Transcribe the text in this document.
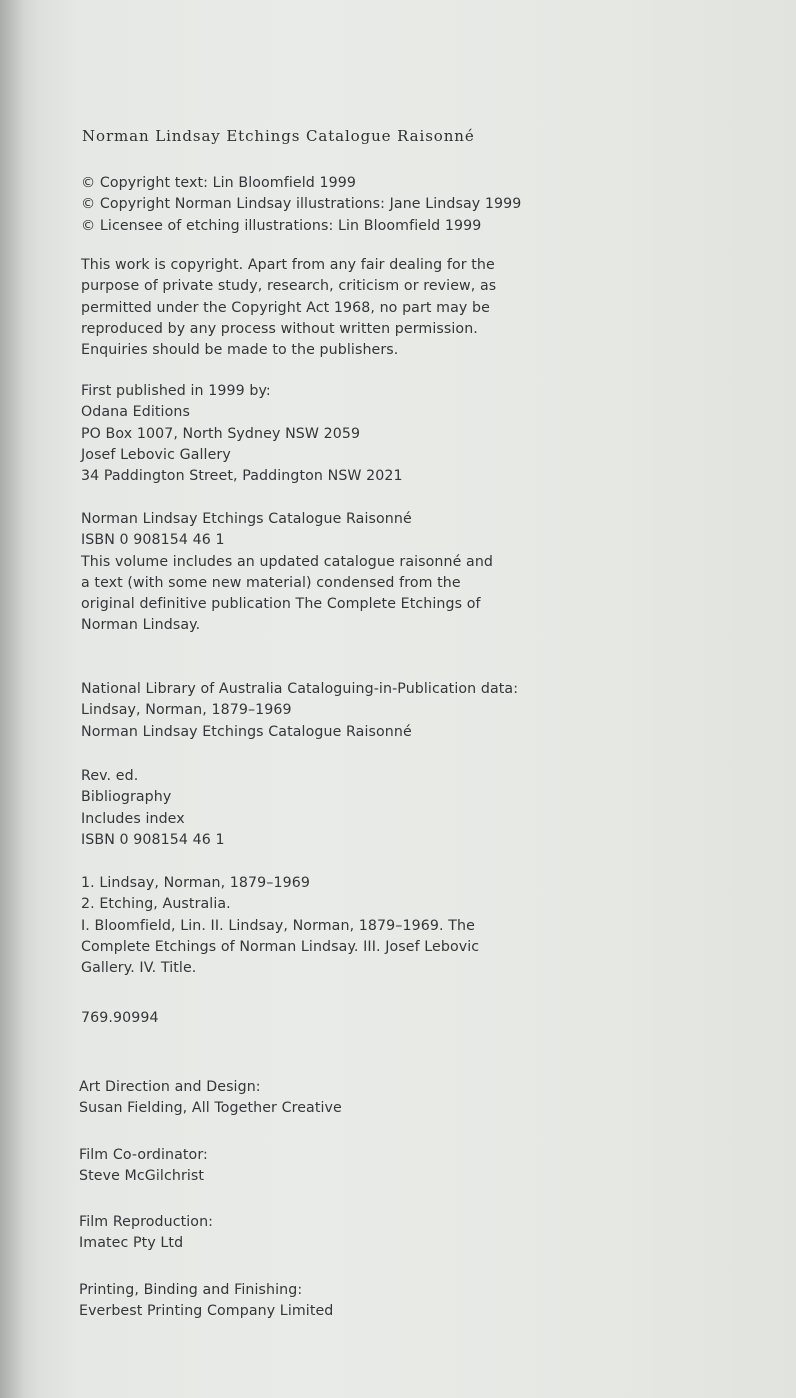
Norman Lindsay Etchings Catalogue Raisonné
© Copyright text: Lin Bloomfield 1999
© Copyright Norman Lindsay illustrations: Jane Lindsay 1999
© Licensee of etching illustrations: Lin Bloomfield 1999
This work is copyright. Apart from any fair dealing for the
purpose of private study, research, criticism or review, as
permitted under the Copyright Act 1968, no part may be
reproduced by any process without written permission.
Enquiries should be made to the publishers.
First published in 1999 by:
Odana Editions
PO Box 1007, North Sydney NSW 2059
Josef Lebovic Gallery
34 Paddington Street, Paddington NSW 2021
Norman Lindsay Etchings Catalogue Raisonné
ISBN 0 908154 46 1
This volume includes an updated catalogue raisonné and
a text (with some new material) condensed from the
original definitive publication The Complete Etchings of
Norman Lindsay.
National Library of Australia Cataloguing-in-Publication data:
Lindsay, Norman, 1879–1969
Norman Lindsay Etchings Catalogue Raisonné
Rev. ed.
Bibliography
Includes index
ISBN 0 908154 46 1
1. Lindsay, Norman, 1879–1969
2. Etching, Australia.
I. Bloomfield, Lin. II. Lindsay, Norman, 1879–1969. The
Complete Etchings of Norman Lindsay. III. Josef Lebovic
Gallery. IV. Title.
769.90994
Art Direction and Design:
Susan Fielding, All Together Creative
Film Co-ordinator:
Steve McGilchrist
Film Reproduction:
Imatec Pty Ltd
Printing, Binding and Finishing:
Everbest Printing Company Limited
